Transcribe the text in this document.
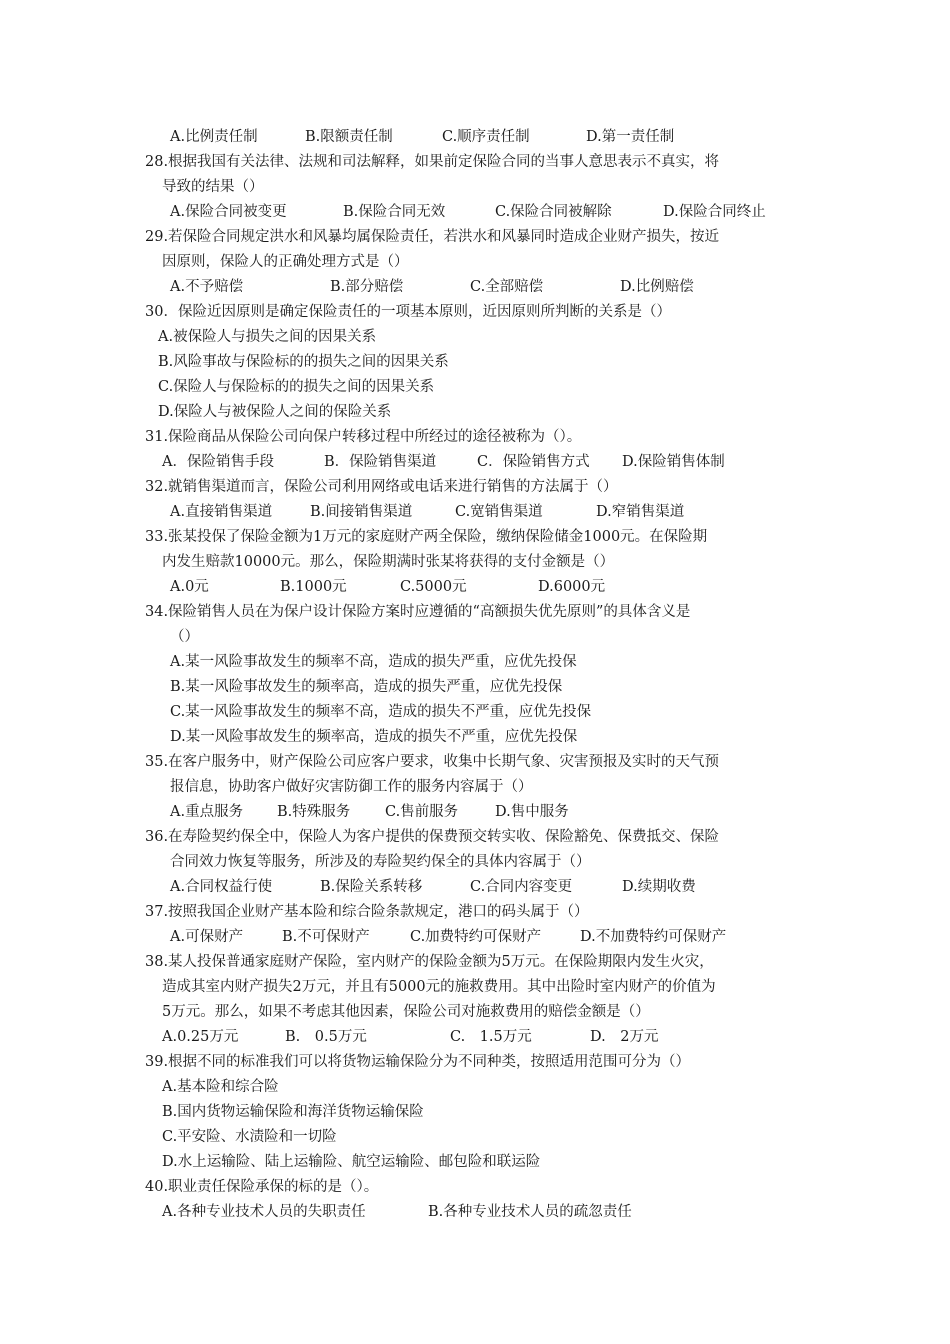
A.比例责任制	B.限额责任制	C.顺序责任制	D.第一责任制
28.根据我国有关法律、法规和司法解释，如果前定保险合同的当事人意思表示不真实，将
导致的结果（）
A.保险合同被变更	B.保险合同无效	C.保险合同被解除	D.保险合同终止
29.若保险合同规定洪水和风暴均属保险责任，若洪水和风暴同时造成企业财产损失，按近
因原则，保险人的正确处理方式是（）
A.不予赔偿	B.部分赔偿	C.全部赔偿	D.比例赔偿
30．保险近因原则是确定保险责任的一项基本原则，近因原则所判断的关系是（）
A.被保险人与损失之间的因果关系
B.风险事故与保险标的的损失之间的因果关系
C.保险人与保险标的的损失之间的因果关系
D.保险人与被保险人之间的保险关系
31.保险商品从保险公司向保户转移过程中所经过的途径被称为（）。
A．保险销售手段	B．保险销售渠道	C．保险销售方式 D.保险销售体制
32.就销售渠道而言，保险公司利用网络或电话来进行销售的方法属于（）
A.直接销售渠道	B.间接销售渠道	C.宽销售渠道	D.窄销售渠道
33.张某投保了保险金额为1万元的家庭财产两全保险，缴纳保险储金1000元。在保险期
内发生赔款10000元。那么，保险期满时张某将获得的支付金额是（）
A.0元	B.1000元	C.5000元	D.6000元
34.保险销售人员在为保户设计保险方案时应遵循的“高额损失优先原则”的具体含义是
（）
A.某一风险事故发生的频率不高，造成的损失严重，应优先投保
B.某一风险事故发生的频率高，造成的损失严重，应优先投保
C.某一风险事故发生的频率不高，造成的损失不严重，应优先投保
D.某一风险事故发生的频率高，造成的损失不严重，应优先投保
35.在客户服务中，财产保险公司应客户要求，收集中长期气象、灾害预报及实时的天气预
报信息，协助客户做好灾害防御工作的服务内容属于（）
A.重点服务 B.特殊服务 C.售前服务	D.售中服务
36.在寿险契约保全中，保险人为客户提供的保费预交转实收、保险豁免、保费抵交、保险
合同效力恢复等服务，所涉及的寿险契约保全的具体内容属于（）
A.合同权益行使	B.保险关系转移	C.合同内容变更	D.续期收费
37.按照我国企业财产基本险和综合险条款规定，港口的码头属于（）
A.可保财产	B.不可保财产	C.加费特约可保财产	D.不加费特约可保财产
38.某人投保普通家庭财产保险，室内财产的保险金额为5万元。在保险期限内发生火灾，
造成其室内财产损失2万元，并且有5000元的施救费用。其中出险时室内财产的价值为
5万元。那么，如果不考虑其他因素，保险公司对施救费用的赔偿金额是（）
A.0.25万元	B.　0.5万元	C.　1.5万元	D.　2万元
39.根据不同的标准我们可以将货物运输保险分为不同种类，按照适用范围可分为（）
A.基本险和综合险
B.国内货物运输保险和海洋货物运输保险
C.平安险、水渍险和一切险
D.水上运输险、陆上运输险、航空运输险、邮包险和联运险
40.职业责任保险承保的标的是（）。
A.各种专业技术人员的失职责任	B.各种专业技术人员的疏忽责任
